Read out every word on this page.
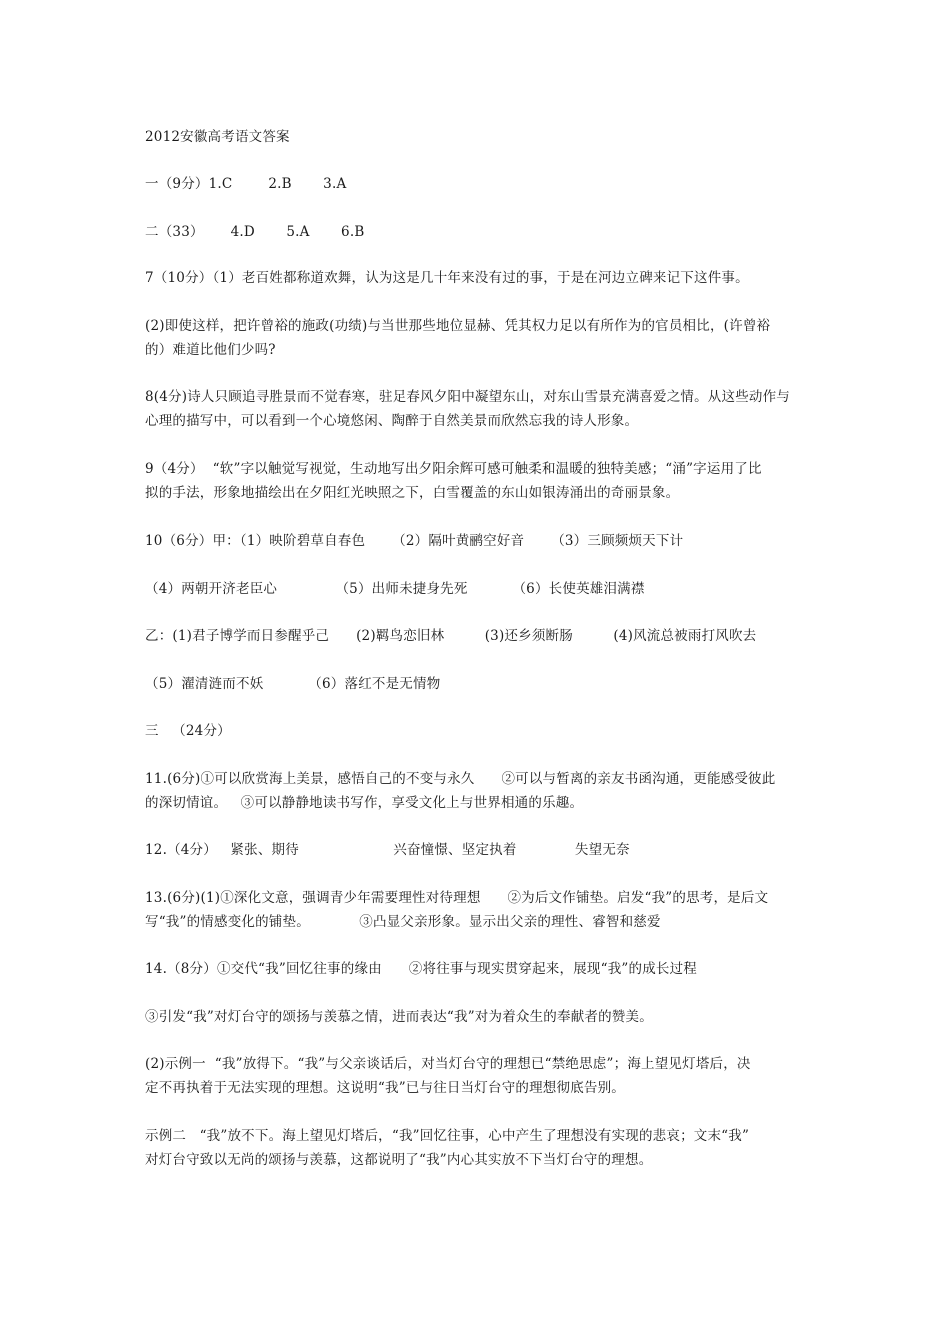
2012安徽高考语文答案
一（9分）1.C        2.B       3.A
二（33）      4.D       5.A       6.B
7（10分）（1）老百姓都称道欢舞，认为这是几十年来没有过的事，于是在河边立碑来记下这件事。
(2)即使这样，把许曾裕的施政(功绩)与当世那些地位显赫、凭其权力足以有所作为的官员相比，(许曾裕
的）难道比他们少吗?
8(4分)诗人只顾追寻胜景而不觉春寒，驻足春风夕阳中凝望东山，对东山雪景充满喜爱之情。从这些动作与
心理的描写中，可以看到一个心境悠闲、陶醉于自然美景而欣然忘我的诗人形象。
9（4分）  “软”字以触觉写视觉，生动地写出夕阳余辉可感可触柔和温暖的独特美感；“涌”字运用了比
拟的手法，形象地描绘出在夕阳红光映照之下，白雪覆盖的东山如银涛涌出的奇丽景象。
10（6分）甲：（1）映阶碧草自春色      （2）隔叶黄鹂空好音      （3）三顾频烦天下计
（4）两朝开济老臣心             （5）出师未捷身先死          （6）长使英雄泪满襟
乙：(1)君子博学而日参醒乎己      (2)羁鸟恋旧林         (3)还乡须断肠         (4)风流总被雨打风吹去
（5）濯清涟而不妖          （6）落红不是无情物
三   （24分）
11.(6分)①可以欣赏海上美景，感悟自己的不变与永久      ②可以与暂离的亲友书函沟通，更能感受彼此
的深切情谊。   ③可以静静地读书写作，享受文化上与世界相通的乐趣。
12.（4分）   紧张、期待                     兴奋憧憬、坚定执着             失望无奈
13.(6分)(1)①深化文意，强调青少年需要理性对待理想      ②为后文作铺垫。启发“我”的思考，是后文
写“我”的情感变化的铺垫。           ③凸显父亲形象。显示出父亲的理性、睿智和慈爱
14.（8分）①交代“我”回忆往事的缘由      ②将往事与现实贯穿起来，展现“我”的成长过程
③引发“我”对灯台守的颂扬与羡慕之情，进而表达“我”对为着众生的奉献者的赞美。
(2)示例一  “我”放得下。“我”与父亲谈话后，对当灯台守的理想已“禁绝思虑”；海上望见灯塔后，决
定不再执着于无法实现的理想。这说明“我”已与往日当灯台守的理想彻底告别。
示例二   “我”放不下。海上望见灯塔后，“我”回忆往事，心中产生了理想没有实现的悲哀；文末“我”
对灯台守致以无尚的颂扬与羡慕，这都说明了“我”内心其实放不下当灯台守的理想。
